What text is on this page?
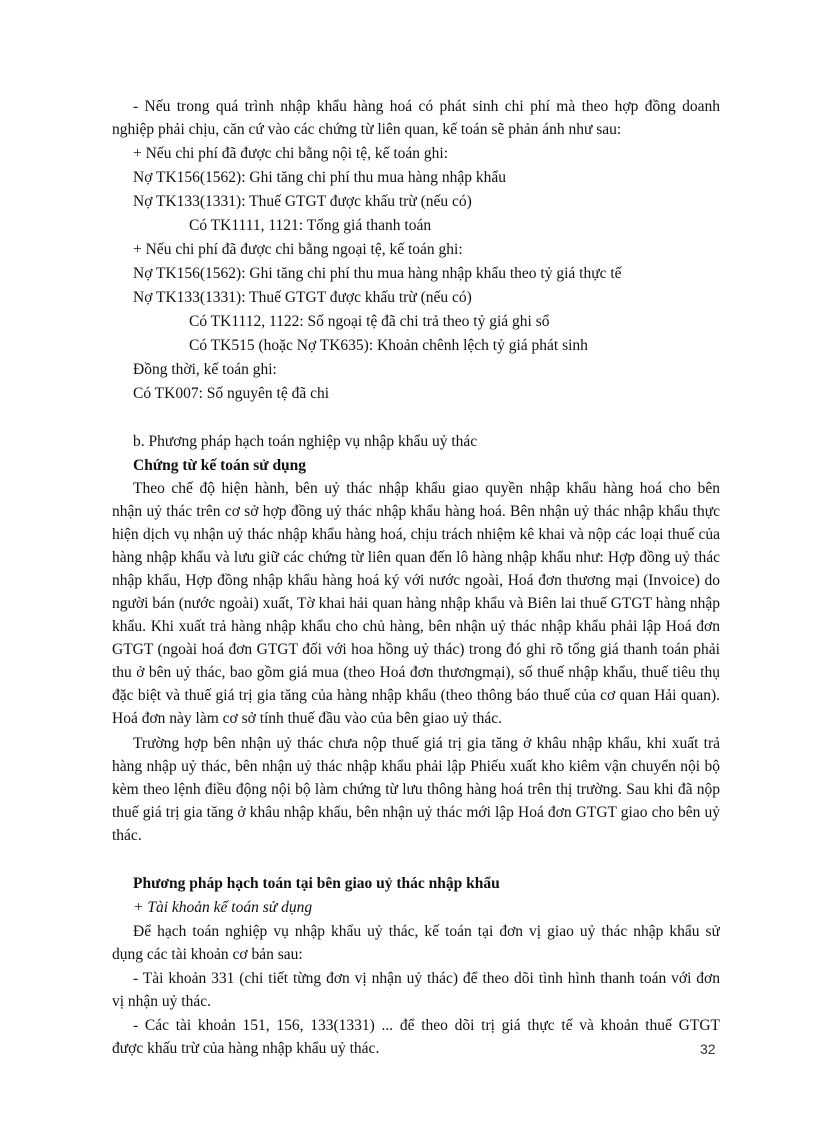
- Nếu trong quá trình nhập khẩu hàng hoá có phát sinh chi phí mà theo hợp đồng doanh
nghiệp phải chịu, căn cứ vào các chứng từ liên quan, kế toán sẽ phản ánh như sau:
+ Nếu chi phí đã được chi bằng nội tệ, kế toán ghi:
Nợ TK156(1562): Ghi tăng chi phí thu mua hàng nhập khẩu
Nợ TK133(1331): Thuế GTGT được khấu trừ (nếu có)
Có TK1111, 1121: Tổng giá thanh toán
+ Nếu chi phí đã được chi bằng ngoại tệ, kế toán ghi:
Nợ TK156(1562): Ghi tăng chi phí thu mua hàng nhập khẩu theo tỷ giá thực tế
Nợ TK133(1331): Thuế GTGT được khấu trừ (nếu có)
Có TK1112, 1122: Số ngoại tệ đã chi trả theo tỷ giá ghi sổ
Có TK515 (hoặc Nợ TK635): Khoản chênh lệch tỷ giá phát sinh
Đồng thời, kế toán ghi:
Có TK007: Số nguyên tệ đã chi
b. Phương pháp hạch toán nghiệp vụ nhập khẩu uỷ thác
Chứng từ kế toán sử dụng
Theo chế độ hiện hành, bên uỷ thác nhập khẩu giao quyền nhập khẩu hàng hoá cho bên
nhận uỷ thác trên cơ sở hợp đồng uỷ thác nhập khẩu hàng hoá. Bên nhận uỷ thác nhập khẩu thực
hiện dịch vụ nhận uỷ thác nhập khẩu hàng hoá, chịu trách nhiệm kê khai và nộp các loại thuế của
hàng nhập khẩu và lưu giữ các chứng từ liên quan đến lô hàng nhập khẩu như: Hợp đồng uỷ thác
nhập khẩu, Hợp đồng nhập khẩu hàng hoá ký với nước ngoài, Hoá đơn thương mại (Invoice) do
người bán (nước ngoài) xuất, Tờ khai hải quan hàng nhập khẩu và Biên lai thuế GTGT hàng nhập
khẩu. Khi xuất trả hàng nhập khẩu cho chủ hàng, bên nhận uỷ thác nhập khẩu phải lập Hoá đơn
GTGT (ngoài hoá đơn GTGT đối với hoa hồng uỷ thác) trong đó ghi rõ tổng giá thanh toán phải
thu ở bên uỷ thác, bao gồm giá mua (theo Hoá đơn thươngmại), số thuế nhập khẩu, thuế tiêu thụ
đặc biệt và thuế giá trị gia tăng của hàng nhập khẩu (theo thông báo thuế của cơ quan Hải quan).
Hoá đơn này làm cơ sở tính thuế đầu vào của bên giao uỷ thác.
Trường hợp bên nhận uỷ thác chưa nộp thuế giá trị gia tăng ở khâu nhập khẩu, khi xuất trả
hàng nhập uỷ thác, bên nhận uỷ thác nhập khẩu phải lập Phiếu xuất kho kiêm vận chuyển nội bộ
kèm theo lệnh điều động nội bộ làm chứng từ lưu thông hàng hoá trên thị trường. Sau khi đã nộp
thuế giá trị gia tăng ở khâu nhập khẩu, bên nhận uỷ thác mới lập Hoá đơn GTGT giao cho bên uỷ
thác.
Phương pháp hạch toán tại bên giao uỷ thác nhập khẩu
+ Tài khoản kế toán sử dụng
Để hạch toán nghiệp vụ nhập khẩu uỷ thác, kế toán tại đơn vị giao uỷ thác nhập khẩu sử
dụng các tài khoản cơ bản sau:
- Tài khoản 331 (chi tiết từng đơn vị nhận uỷ thác) để theo dõi tình hình thanh toán với đơn
vị nhận uỷ thác.
- Các tài khoản 151, 156, 133(1331) ... để theo dõi trị giá thực tế và khoản thuế GTGT
được khấu trừ của hàng nhập khẩu uỷ thác.	32
